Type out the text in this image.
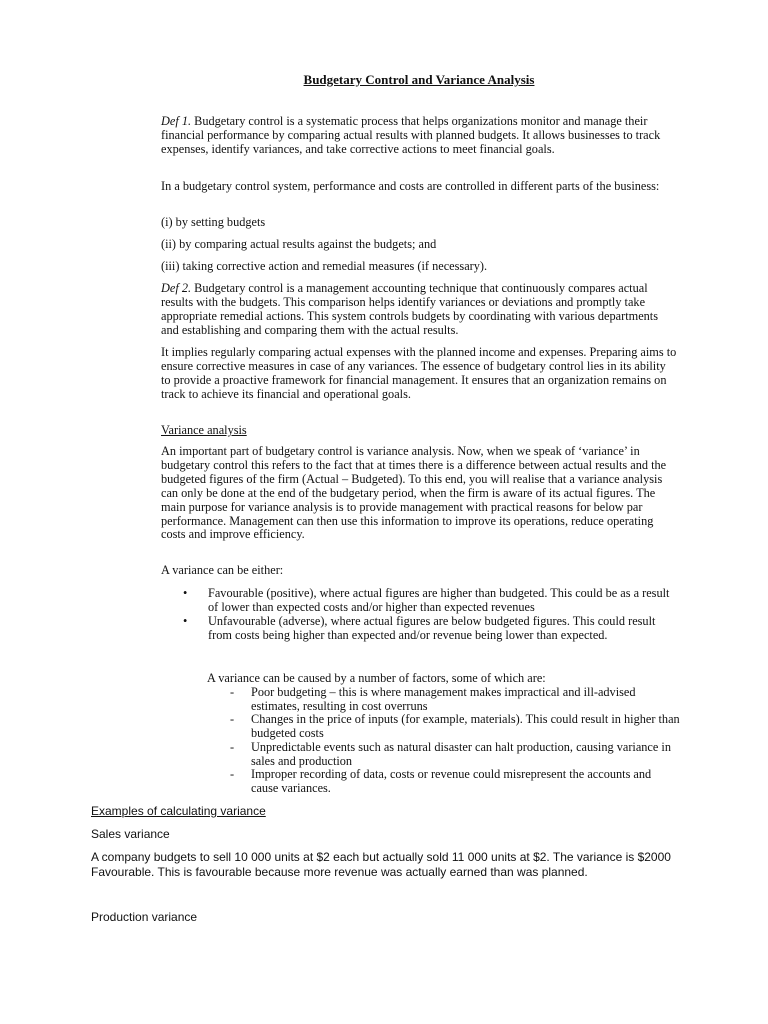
Budgetary Control and Variance Analysis

Def 1. Budgetary control is a systematic process that helps organizations monitor and manage their financial performance by comparing actual results with planned budgets. It allows businesses to track expenses, identify variances, and take corrective actions to meet financial goals.

In a budgetary control system, performance and costs are controlled in different parts of the business:

(i) by setting budgets

(ii) by comparing actual results against the budgets; and

(iii) taking corrective action and remedial measures (if necessary).

Def 2. Budgetary control is a management accounting technique that continuously compares actual results with the budgets. This comparison helps identify variances or deviations and promptly take appropriate remedial actions. This system controls budgets by coordinating with various departments and establishing and comparing them with the actual results.

It implies regularly comparing actual expenses with the planned income and expenses. Preparing aims to ensure corrective measures in case of any variances. The essence of budgetary control lies in its ability to provide a proactive framework for financial management. It ensures that an organization remains on track to achieve its financial and operational goals.

Variance analysis

An important part of budgetary control is variance analysis. Now, when we speak of ‘variance’ in budgetary control this refers to the fact that at times there is a difference between actual results and the budgeted figures of the firm (Actual – Budgeted). To this end, you will realise that a variance analysis can only be done at the end of the budgetary period, when the firm is aware of its actual figures. The main purpose for variance analysis is to provide management with practical reasons for below par performance. Management can then use this information to improve its operations, reduce operating costs and improve efficiency.

A variance can be either:

•	Favourable (positive), where actual figures are higher than budgeted. This could be as a result of lower than expected costs and/or higher than expected revenues
•	Unfavourable (adverse), where actual figures are below budgeted figures. This could result from costs being higher than expected and/or revenue being lower than expected.

A variance can be caused by a number of factors, some of which are:

-	Poor budgeting – this is where management makes impractical and ill-advised estimates, resulting in cost overruns
-	Changes in the price of inputs (for example, materials). This could result in higher than budgeted costs
-	Unpredictable events such as natural disaster can halt production, causing variance in sales and production
-	Improper recording of data, costs or revenue could misrepresent the accounts and cause variances.

Examples of calculating variance

Sales variance

A company budgets to sell 10 000 units at $2 each but actually sold 11 000 units at $2. The variance is $2000 Favourable. This is favourable because more revenue was actually earned than was planned.

Production variance
